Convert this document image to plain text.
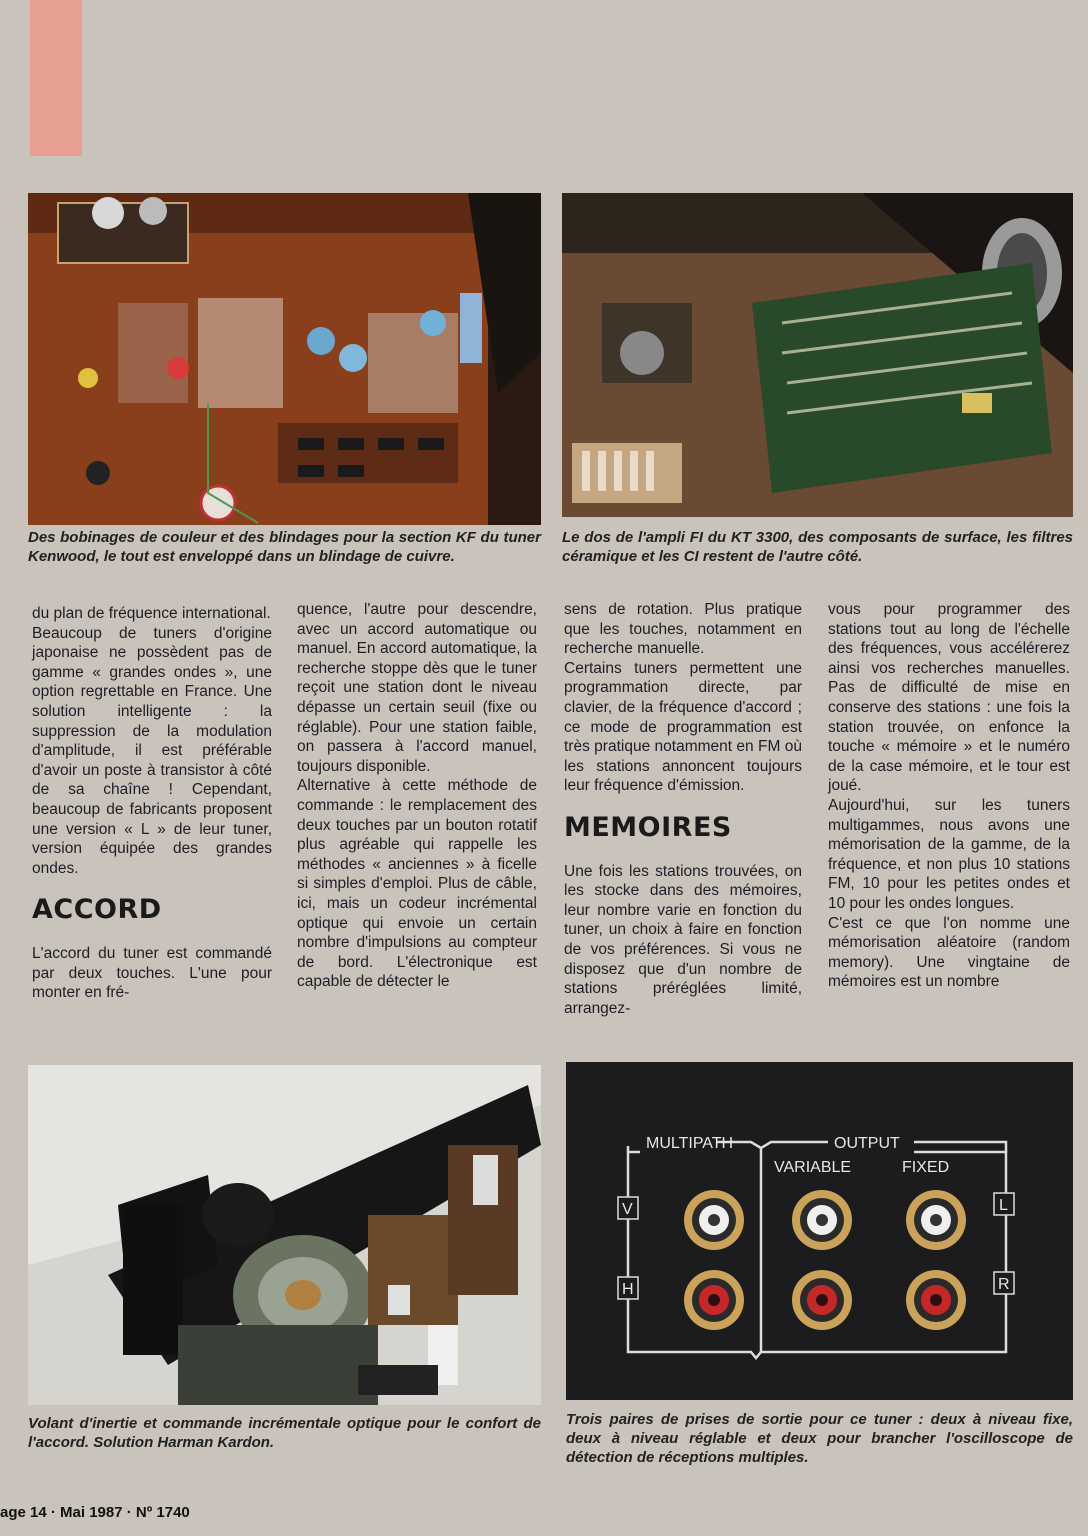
Des bobinages de couleur et des blindages pour la section KF du tuner Kenwood, le tout est enveloppé dans un blindage de cuivre.
Le dos de l'ampli FI du KT 3300, des composants de surface, les filtres céramique et les CI restent de l'autre côté.

du plan de fréquence international.

Beaucoup de tuners d'origine japonaise ne possèdent pas de gamme « grandes ondes », une option regrettable en France. Une solution intelligente : la suppression de la modulation d'amplitude, il est préférable d'avoir un poste à transistor à côté de sa chaîne ! Cependant, beaucoup de fabricants proposent une version « L » de leur tuner, version équipée des grandes ondes.

ACCORD

L'accord du tuner est commandé par deux touches. L'une pour monter en fré-

quence, l'autre pour descendre, avec un accord automatique ou manuel. En accord automatique, la recherche stoppe dès que le tuner reçoit une station dont le niveau dépasse un certain seuil (fixe ou réglable). Pour une station faible, on passera à l'accord manuel, toujours disponible.

Alternative à cette méthode de commande : le remplacement des deux touches par un bouton rotatif plus agréable qui rappelle les méthodes « anciennes » à ficelle si simples d'emploi. Plus de câble, ici, mais un codeur incrémental optique qui envoie un certain nombre d'impulsions au compteur de bord. L'électronique est capable de détecter le

sens de rotation. Plus pratique que les touches, notamment en recherche manuelle.

Certains tuners permettent une programmation directe, par clavier, de la fréquence d'accord ; ce mode de programmation est très pratique notamment en FM où les stations annoncent toujours leur fréquence d'émission.

MEMOIRES

Une fois les stations trouvées, on les stocke dans des mémoires, leur nombre varie en fonction du tuner, un choix à faire en fonction de vos préférences. Si vous ne disposez que d'un nombre de stations préréglées limité, arrangez-

vous pour programmer des stations tout au long de l'échelle des fréquences, vous accélérerez ainsi vos recherches manuelles. Pas de difficulté de mise en conserve des stations : une fois la station trouvée, on enfonce la touche « mémoire » et le numéro de la case mémoire, et le tour est joué.

Aujourd'hui, sur les tuners multigammes, nous avons une mémorisation de la gamme, de la fréquence, et non plus 10 stations FM, 10 pour les petites ondes et 10 pour les ondes longues.

C'est ce que l'on nomme une mémorisation aléatoire (random memory). Une vingtaine de mémoires est un nombre

Volant d'inertie et commande incrémentale optique pour le confort de l'accord. Solution Harman Kardon.
MULTIPATH	OUTPUT
VARIABLE	FIXED
V
H
L
R
Trois paires de prises de sortie pour ce tuner : deux à niveau fixe, deux à niveau réglable et deux pour brancher l'oscilloscope de détection de réceptions multiples.
age 14 · Mai 1987 · Nº 1740
